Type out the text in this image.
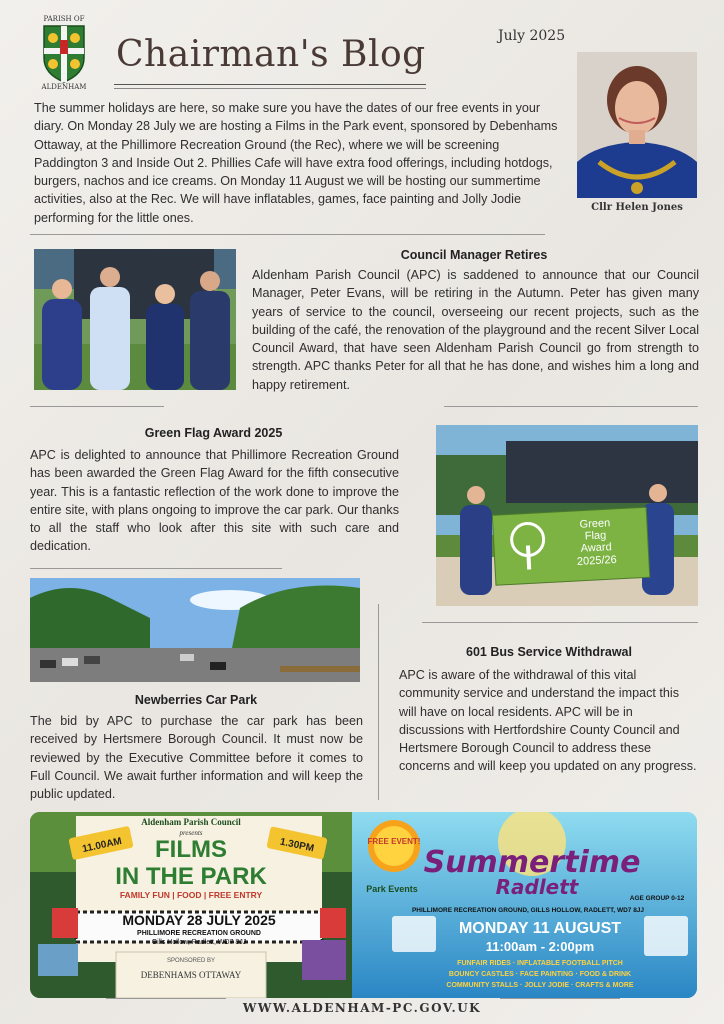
PARISH OF
ALDENHAM
Chairman's Blog	July 2025
Cllr Helen Jones
The summer holidays are here, so make sure you have the dates of our free events in your diary. On Monday 28 July we are hosting a Films in the Park event, sponsored by Debenhams Ottaway, at the Phillimore Recreation Ground (the Rec), where we will be screening Paddington 3 and Inside Out 2. Phillies Cafe will have extra food offerings, including hotdogs, burgers, nachos and ice creams. On Monday 11 August we will be hosting our summertime activities, also at the Rec. We will have inflatables, games, face painting and Jolly Jodie performing for the little ones.
Council Manager Retires
Aldenham Parish Council (APC) is saddened to announce that our Council Manager, Peter Evans, will be retiring in the Autumn. Peter has given many years of service to the council, overseeing our recent projects, such as the building of the café, the renovation of the playground and the recent Silver Local Council Award, that have seen Aldenham Parish Council go from strength to strength. APC thanks Peter for all that he has done, and wishes him a long and happy retirement.
Green Flag Award 2025
APC is delighted to announce that Phillimore Recreation Ground has been awarded the Green Flag Award for the fifth consecutive year. This is a fantastic reflection of the work done to improve the entire site, with plans ongoing to improve the car park. Our thanks to all the staff who look after this site with such care and dedication.
Green
Flag
Award
2025/26
Newberries Car Park
The bid by APC to purchase the car park has been received by Hertsmere Borough Council. It must now be reviewed by the Executive Committee before it comes to Full Council. We await further information and will keep the public updated.
601 Bus Service Withdrawal
APC is aware of the withdrawal of this vital community service and understand the impact this will have on local residents. APC will be in discussions with Hertfordshire County Council and Hertsmere Borough Council to address these concerns and will keep you updated on any progress.
Aldenham Parish Council
presents
11.00AM	1.30PM
FILMS
IN THE PARK
FAMILY FUN | FOOD | FREE ENTRY
MONDAY 28 JULY 2025
PHILLIMORE RECREATION GROUND
Gills Hollow, Radlett, WD7 8JJ
SPONSORED BY
DEBENHAMS OTTAWAY
FREE EVENT!
Summertime
Radlett
Park Events
AGE GROUP 0-12
PHILLIMORE RECREATION GROUND, GILLS HOLLOW, RADLETT, WD7 8JJ
MONDAY 11 AUGUST
11:00am - 2:00pm
FUNFAIR RIDES · INFLATABLE FOOTBALL PITCH
BOUNCY CASTLES · FACE PAINTING · FOOD & DRINK
COMMUNITY STALLS · JOLLY JODIE · CRAFTS & MORE
WWW.ALDENHAM-PC.GOV.UK
